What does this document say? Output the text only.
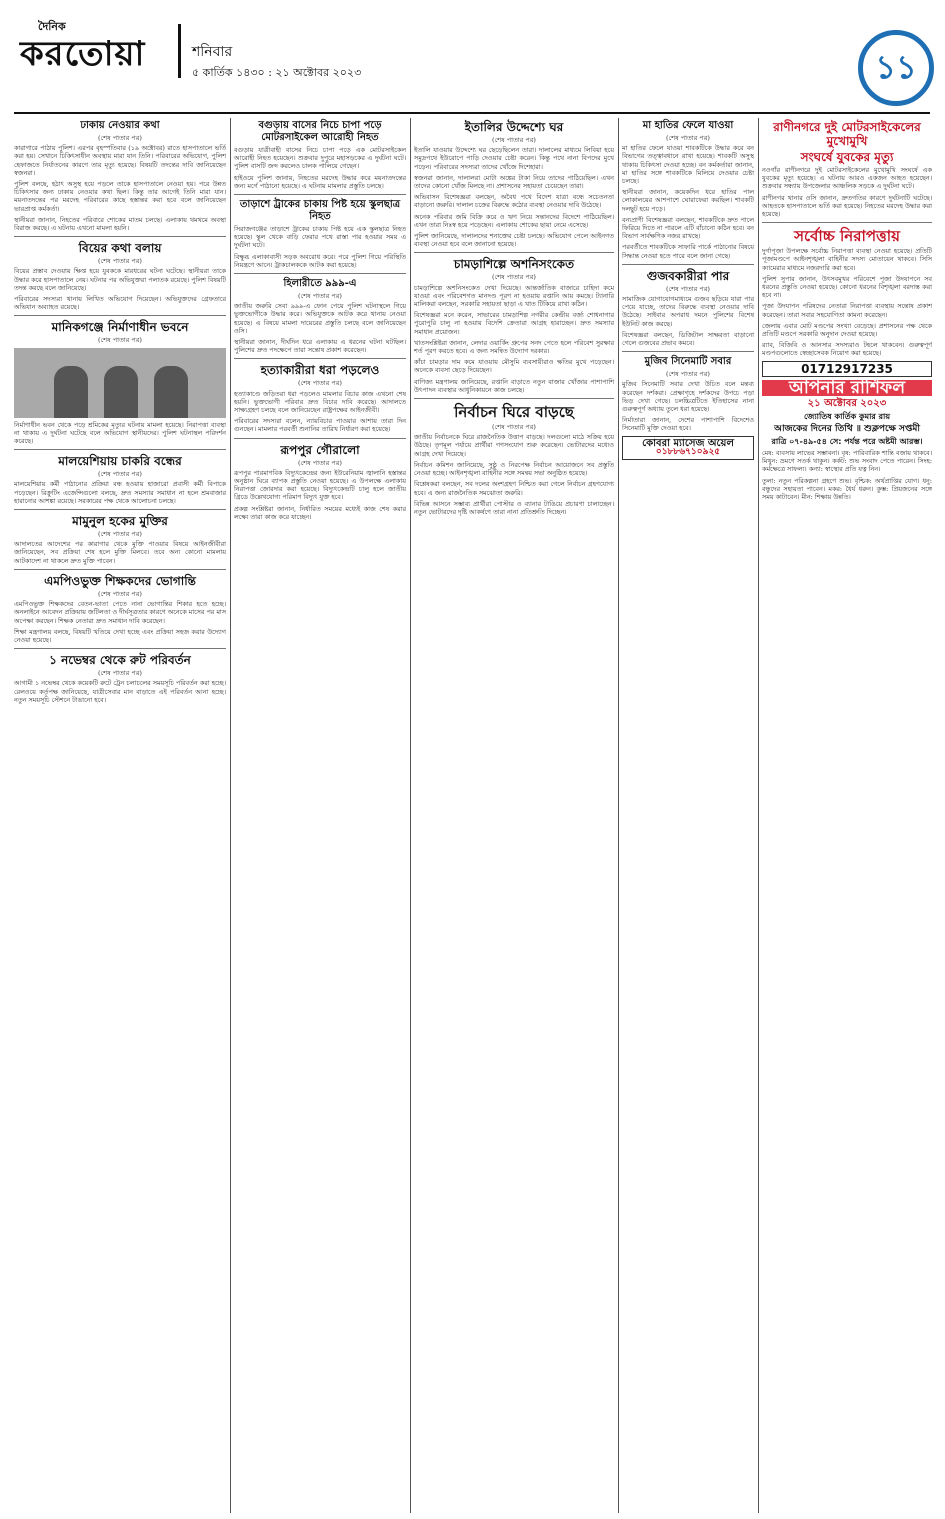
দৈনিক
করতোয়া	শনিবার
৫ কার্তিক ১৪৩০ : ২১ অক্টোবর ২০২৩	১১
ঢাকায় নেওয়ার কথা
(শেষ পাতার পর)

কারাগারে পাঠায় পুলিশ। এরপর বৃহস্পতিবার (১৯ অক্টোবর) রাতে হাসপাতালে ভর্তি করা হয়। সেখানে চিকিৎসাধীন অবস্থায় মারা যান তিনি। পরিবারের অভিযোগ, পুলিশ হেফাজতে নির্যাতনের কারণে তার মৃত্যু হয়েছে। বিষয়টি তদন্তের দাবি জানিয়েছেন স্বজনরা।

পুলিশ বলছে, হঠাৎ অসুস্থ হয়ে পড়লে তাকে হাসপাতালে নেওয়া হয়। পরে উন্নত চিকিৎসার জন্য ঢাকায় নেওয়ার কথা ছিল। কিন্তু তার আগেই তিনি মারা যান। ময়নাতদন্তের পর মরদেহ পরিবারের কাছে হস্তান্তর করা হবে বলে জানিয়েছেন ভারপ্রাপ্ত কর্মকর্তা।

স্থানীয়রা জানান, নিহতের পরিবারে শোকের মাতম চলছে। এলাকায় থমথমে অবস্থা বিরাজ করছে। এ ঘটনায় এখনো মামলা হয়নি।

বিয়ের কথা বলায়
(শেষ পাতার পর)

বিয়ের প্রস্তাব দেওয়ায় ক্ষিপ্ত হয়ে যুবককে মারধরের ঘটনা ঘটেছে। স্থানীয়রা তাকে উদ্ধার করে হাসপাতালে নেয়। ঘটনার পর অভিযুক্তরা পলাতক রয়েছে। পুলিশ বিষয়টি তদন্ত করছে বলে জানিয়েছে।

পরিবারের সদস্যরা থানায় লিখিত অভিযোগ দিয়েছেন। অভিযুক্তদের গ্রেফতারে অভিযান অব্যাহত রয়েছে।

মানিকগঞ্জে নির্মাণাধীন ভবনে
(শেষ পাতার পর)

নির্মাণাধীন ভবন থেকে পড়ে শ্রমিকের মৃত্যুর ঘটনায় মামলা হয়েছে। নিরাপত্তা ব্যবস্থা না থাকায় এ দুর্ঘটনা ঘটেছে বলে অভিযোগ স্থানীয়দের। পুলিশ ঘটনাস্থল পরিদর্শন করেছে।

মালয়েশিয়ায় চাকরি বন্ধের
(শেষ পাতার পর)

মালয়েশিয়ায় কর্মী পাঠানোর প্রক্রিয়া বন্ধ হওয়ায় হাজারো প্রবাসী কর্মী বিপাকে পড়েছেন। রিক্রুটিং এজেন্সিগুলো বলছে, দ্রুত সমস্যার সমাধান না হলে শ্রমবাজার হারানোর আশঙ্কা রয়েছে। সরকারের পক্ষ থেকে আলোচনা চলছে।

মামুনুল হকের মুক্তির
(শেষ পাতার পর)

আদালতের আদেশের পর কারাগার থেকে মুক্তি পাওয়ার বিষয়ে আইনজীবীরা জানিয়েছেন, সব প্রক্রিয়া শেষ হলে মুক্তি মিলবে। তবে অন্য কোনো মামলায় আটকাদেশ না থাকলে দ্রুত মুক্তি পাবেন।

এমপিওভুক্ত শিক্ষকদের ভোগান্তি
(শেষ পাতার পর)

এমপিওভুক্ত শিক্ষকদের বেতন-ভাতা পেতে নানা ভোগান্তির শিকার হতে হচ্ছে। অনলাইনে আবেদন প্রক্রিয়ায় জটিলতা ও দীর্ঘসূত্রতার কারণে অনেকে মাসের পর মাস অপেক্ষা করছেন। শিক্ষক নেতারা দ্রুত সমাধান দাবি করেছেন।

শিক্ষা মন্ত্রণালয় বলছে, বিষয়টি খতিয়ে দেখা হচ্ছে এবং প্রক্রিয়া সহজ করার উদ্যোগ নেওয়া হয়েছে।

১ নভেম্বর থেকে রুট পরিবর্তন
(শেষ পাতার পর)

আগামী ১ নভেম্বর থেকে কয়েকটি রুটে ট্রেন চলাচলের সময়সূচি পরিবর্তন করা হচ্ছে। রেলওয়ে কর্তৃপক্ষ জানিয়েছে, যাত্রীসেবার মান বাড়াতে এই পরিবর্তন আনা হচ্ছে। নতুন সময়সূচি স্টেশনে টাঙানো হবে।

বগুড়ায় বাসের নিচে চাপা পড়ে মোটরসাইকেল আরোহী নিহত

বগুড়ায় যাত্রীবাহী বাসের নিচে চাপা পড়ে এক মোটরসাইকেল আরোহী নিহত হয়েছেন। শুক্রবার দুপুরে মহাসড়কের এ দুর্ঘটনা ঘটে। পুলিশ বাসটি জব্দ করলেও চালক পালিয়ে গেছেন।

হাইওয়ে পুলিশ জানায়, নিহতের মরদেহ উদ্ধার করে ময়নাতদন্তের জন্য মর্গে পাঠানো হয়েছে। এ ঘটনায় মামলার প্রস্তুতি চলছে।

তাড়াশে ট্রাকের চাকায় পিষ্ট হয়ে স্কুলছাত্র নিহত

সিরাজগঞ্জের তাড়াশে ট্রাকের চাকায় পিষ্ট হয়ে এক স্কুলছাত্র নিহত হয়েছে। স্কুল থেকে বাড়ি ফেরার পথে রাস্তা পার হওয়ার সময় এ দুর্ঘটনা ঘটে।

বিক্ষুব্ধ এলাকাবাসী সড়ক অবরোধ করে। পরে পুলিশ গিয়ে পরিস্থিতি নিয়ন্ত্রণে আনে। ট্রাকচালককে আটক করা হয়েছে।

হিলারীতে ৯৯৯-এ
(শেষ পাতার পর)

জাতীয় জরুরি সেবা ৯৯৯-এ ফোন পেয়ে পুলিশ ঘটনাস্থলে গিয়ে ভুক্তভোগীকে উদ্ধার করে। অভিযুক্তকে আটক করে থানায় নেওয়া হয়েছে। এ বিষয়ে মামলা দায়েরের প্রস্তুতি চলছে বলে জানিয়েছেন ওসি।

স্থানীয়রা জানান, দীর্ঘদিন ধরে এলাকায় এ ধরনের ঘটনা ঘটছিল। পুলিশের দ্রুত পদক্ষেপে তারা সন্তোষ প্রকাশ করেছেন।

হত্যাকারীরা ধরা পড়লেও
(শেষ পাতার পর)

হত্যাকাণ্ডে জড়িতরা ধরা পড়লেও মামলার বিচার কাজ এখনো শেষ হয়নি। ভুক্তভোগী পরিবার দ্রুত বিচার দাবি করেছে। আদালতে সাক্ষ্যগ্রহণ চলছে বলে জানিয়েছেন রাষ্ট্রপক্ষের আইনজীবী।

পরিবারের সদস্যরা বলেন, ন্যায়বিচার পাওয়ার আশায় তারা দিন গুনছেন। মামলার পরবর্তী শুনানির তারিখ নির্ধারণ করা হয়েছে।

রূপপুর গৌরালো
(শেষ পাতার পর)

রূপপুর পারমাণবিক বিদ্যুৎকেন্দ্রের জন্য ইউরেনিয়াম জ্বালানি হস্তান্তর অনুষ্ঠান ঘিরে ব্যাপক প্রস্তুতি নেওয়া হয়েছে। এ উপলক্ষে এলাকায় নিরাপত্তা জোরদার করা হয়েছে। বিদ্যুৎকেন্দ্রটি চালু হলে জাতীয় গ্রিডে উল্লেখযোগ্য পরিমাণ বিদ্যুৎ যুক্ত হবে।

প্রকল্প সংশ্লিষ্টরা জানান, নির্ধারিত সময়ের মধ্যেই কাজ শেষ করার লক্ষ্যে তারা কাজ করে যাচ্ছেন।

ইতালির উদ্দেশ্যে ঘর
(শেষ পাতার পর)

ইতালি যাওয়ার উদ্দেশ্যে ঘর ছেড়েছিলেন তারা। দালালের মাধ্যমে লিবিয়া হয়ে সমুদ্রপথে ইউরোপে পাড়ি দেওয়ার চেষ্টা করেন। কিন্তু পথে নানা বিপদের মুখে পড়েন। পরিবারের সদস্যরা তাদের খোঁজে দিশেহারা।

স্বজনরা জানান, দালালরা মোটা অঙ্কের টাকা নিয়ে তাদের পাঠিয়েছিল। এখন তাদের কোনো খোঁজ মিলছে না। প্রশাসনের সহায়তা চেয়েছেন তারা।

অভিবাসন বিশেষজ্ঞরা বলছেন, অবৈধ পথে বিদেশ যাত্রা বন্ধে সচেতনতা বাড়ানো জরুরি। দালাল চক্রের বিরুদ্ধে কঠোর ব্যবস্থা নেওয়ার দাবি উঠেছে।

অনেক পরিবার জমি বিক্রি করে ও ঋণ নিয়ে সন্তানদের বিদেশে পাঠিয়েছিল। এখন তারা নিঃস্ব হয়ে পড়েছেন। এলাকায় শোকের ছায়া নেমে এসেছে।

পুলিশ জানিয়েছে, দালালদের শনাক্তের চেষ্টা চলছে। অভিযোগ পেলে আইনগত ব্যবস্থা নেওয়া হবে বলে জানানো হয়েছে।

চামড়াশিল্পে অশনিসংকেত
(শেষ পাতার পর)

চামড়াশিল্পে অশনিসংকেত দেখা দিয়েছে। আন্তর্জাতিক বাজারে চাহিদা কমে যাওয়া এবং পরিবেশগত মানদণ্ড পূরণ না হওয়ায় রপ্তানি আয় কমছে। ট্যানারি মালিকরা বলছেন, সরকারি সহায়তা ছাড়া এ খাত টিকিয়ে রাখা কঠিন।

বিশেষজ্ঞরা মনে করেন, সাভারের চামড়াশিল্প নগরীর কেন্দ্রীয় বর্জ্য শোধনাগার পুরোপুরি চালু না হওয়ায় বিদেশি ক্রেতারা আগ্রহ হারাচ্ছেন। দ্রুত সমস্যার সমাধান প্রয়োজন।

খাতসংশ্লিষ্টরা জানান, লেদার ওয়ার্কিং গ্রুপের সনদ পেতে হলে পরিবেশ সুরক্ষার শর্ত পূরণ করতে হবে। এ জন্য সমন্বিত উদ্যোগ দরকার।

কাঁচা চামড়ার দাম কমে যাওয়ায় মৌসুমি ব্যবসায়ীরাও ক্ষতির মুখে পড়েছেন। অনেকে ব্যবসা ছেড়ে দিয়েছেন।

বাণিজ্য মন্ত্রণালয় জানিয়েছে, রপ্তানি বাড়াতে নতুন বাজার খোঁজার পাশাপাশি উৎপাদন ব্যবস্থার আধুনিকায়নে কাজ চলছে।

নির্বাচন ঘিরে বাড়ছে
(শেষ পাতার পর)

জাতীয় নির্বাচনকে ঘিরে রাজনৈতিক উত্তাপ বাড়ছে। দলগুলো মাঠে সক্রিয় হয়ে উঠছে। তৃণমূল পর্যায়ে প্রার্থীরা গণসংযোগ শুরু করেছেন। ভোটারদের মধ্যেও আগ্রহ দেখা দিয়েছে।

নির্বাচন কমিশন জানিয়েছে, সুষ্ঠু ও নিরপেক্ষ নির্বাচন আয়োজনে সব প্রস্তুতি নেওয়া হচ্ছে। আইনশৃঙ্খলা বাহিনীর সঙ্গে সমন্বয় সভা অনুষ্ঠিত হয়েছে।

বিশ্লেষকরা বলছেন, সব দলের অংশগ্রহণ নিশ্চিত করা গেলে নির্বাচন গ্রহণযোগ্য হবে। এ জন্য রাজনৈতিক সমঝোতা জরুরি।

বিভিন্ন আসনে সম্ভাব্য প্রার্থীরা পোস্টার ও ব্যানার টাঙিয়ে প্রচারণা চালাচ্ছেন। নতুন ভোটারদের দৃষ্টি আকর্ষণে তারা নানা প্রতিশ্রুতি দিচ্ছেন।

মা হাতির ফেলে যাওয়া
(শেষ পাতার পর)

মা হাতির ফেলে যাওয়া শাবকটিকে উদ্ধার করে বন বিভাগের তত্ত্বাবধানে রাখা হয়েছে। শাবকটি অসুস্থ থাকায় চিকিৎসা দেওয়া হচ্ছে। বন কর্মকর্তারা জানান, মা হাতির সঙ্গে শাবকটিকে মিলিয়ে দেওয়ার চেষ্টা চলছে।

স্থানীয়রা জানান, কয়েকদিন ধরে হাতির পাল লোকালয়ের আশপাশে ঘোরাফেরা করছিল। শাবকটি দলছুট হয়ে পড়ে।

বন্যপ্রাণী বিশেষজ্ঞরা বলছেন, শাবকটিকে দ্রুত পালে ফিরিয়ে দিতে না পারলে এটি বাঁচানো কঠিন হবে। বন বিভাগ সার্বক্ষণিক নজর রাখছে।

পরবর্তীতে শাবকটিকে সাফারি পার্কে পাঠানোর বিষয়ে সিদ্ধান্ত নেওয়া হতে পারে বলে জানা গেছে।

গুজবকারীরা পার
(শেষ পাতার পর)

সামাজিক যোগাযোগমাধ্যমে গুজব ছড়িয়ে যারা পার পেয়ে যাচ্ছে, তাদের বিরুদ্ধে ব্যবস্থা নেওয়ার দাবি উঠেছে। সাইবার অপরাধ দমনে পুলিশের বিশেষ ইউনিট কাজ করছে।

বিশেষজ্ঞরা বলছেন, ডিজিটাল সাক্ষরতা বাড়ানো গেলে গুজবের প্রভাব কমবে।

মুজিব সিনেমাটি সবার
(শেষ পাতার পর)

মুজিব সিনেমাটি সবার দেখা উচিত বলে মন্তব্য করেছেন দর্শকরা। প্রেক্ষাগৃহে দর্শকদের উপচে পড়া ভিড় দেখা গেছে। চলচ্চিত্রটিতে ইতিহাসের নানা গুরুত্বপূর্ণ অধ্যায় তুলে ধরা হয়েছে।

নির্মাতারা জানান, দেশের পাশাপাশি বিদেশেও সিনেমাটি মুক্তি দেওয়া হবে।

কোবরা ম্যাসেজ অয়েল
০১৮৮৬৭১০৯২৫
রাণীনগরে দুই মোটরসাইকেলের মুখোমুখি
সংঘর্ষে যুবকের মৃত্যু

নওগাঁর রাণীনগরে দুই মোটরসাইকেলের মুখোমুখি সংঘর্ষে এক যুবকের মৃত্যু হয়েছে। এ ঘটনায় আরও একজন আহত হয়েছেন। শুক্রবার সন্ধ্যায় উপজেলার আঞ্চলিক সড়কে এ দুর্ঘটনা ঘটে।

রাণীনগর থানার ওসি জানান, দ্রুতগতির কারণে দুর্ঘটনাটি ঘটেছে। আহতকে হাসপাতালে ভর্তি করা হয়েছে। নিহতের মরদেহ উদ্ধার করা হয়েছে।

সর্বোচ্চ নিরাপত্তায়

দুর্গাপূজা উপলক্ষে সর্বোচ্চ নিরাপত্তা ব্যবস্থা নেওয়া হয়েছে। প্রতিটি পূজামণ্ডপে আইনশৃঙ্খলা বাহিনীর সদস্য মোতায়েন থাকবে। সিসি ক্যামেরার মাধ্যমে নজরদারি করা হবে।

পুলিশ সুপার জানান, উৎসবমুখর পরিবেশে পূজা উদযাপনে সব ধরনের প্রস্তুতি নেওয়া হয়েছে। কোনো ধরনের বিশৃঙ্খলা বরদাস্ত করা হবে না।

পূজা উদযাপন পরিষদের নেতারা নিরাপত্তা ব্যবস্থায় সন্তোষ প্রকাশ করেছেন। তারা সবার সহযোগিতা কামনা করেছেন।

জেলায় এবার মোট মণ্ডপের সংখ্যা বেড়েছে। প্রশাসনের পক্ষ থেকে প্রতিটি মণ্ডপে সরকারি অনুদান দেওয়া হয়েছে।

র‌্যাব, বিজিবি ও আনসার সদস্যরাও টহলে থাকবেন। গুরুত্বপূর্ণ মণ্ডপগুলোতে স্বেচ্ছাসেবক নিয়োগ করা হয়েছে।

01712917235
আপনার রাশিফল
২১ অক্টোবর ২০২৩
জ্যোতিষ কার্তিক কুমার রায়
আজকের দিনের তিথি ॥ শুক্লপক্ষে সপ্তমী
রাত্রি ০৭-৪৯-৫৪ সে: পর্যন্ত পরে অষ্টমী আরম্ভ।

মেষ: ব্যবসায় লাভের সম্ভাবনা। বৃষ: পারিবারিক শান্তি বজায় থাকবে। মিথুন: ভ্রমণে সতর্ক থাকুন। কর্কট: শুভ সংবাদ পেতে পারেন। সিংহ: কর্মক্ষেত্রে সাফল্য। কন্যা: স্বাস্থ্যের প্রতি যত্ন নিন।

তুলা: নতুন পরিকল্পনা গ্রহণে শুভ। বৃশ্চিক: অর্থপ্রাপ্তির যোগ। ধনু: বন্ধুদের সহায়তা পাবেন। মকর: ধৈর্য ধরুন। কুম্ভ: প্রিয়জনের সঙ্গে সময় কাটাবেন। মীন: শিক্ষায় উন্নতি।
